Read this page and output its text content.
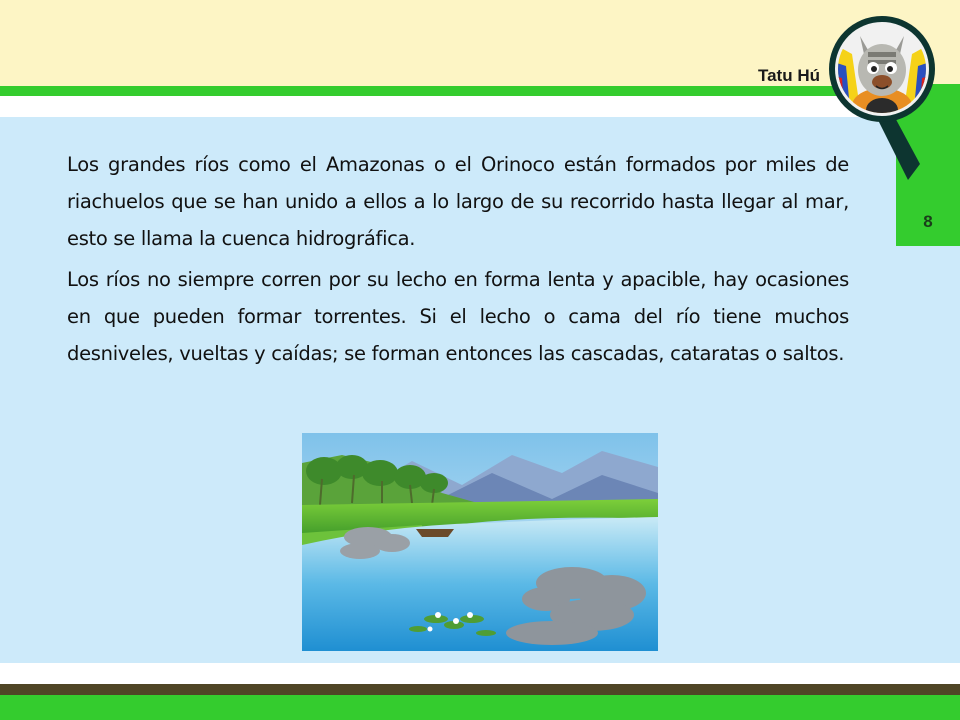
8
Tatu Hú

Los grandes ríos como el Amazonas o el Orinoco están formados por miles de riachuelos que se han unido a ellos a lo largo de su recorrido hasta llegar al mar, esto se llama la cuenca hidrográfica.

Los ríos no siempre corren por su lecho en forma lenta y apacible, hay ocasiones en que pueden formar torrentes. Si el lecho o cama del río tiene muchos desniveles, vueltas y caídas; se forman entonces las cascadas, cataratas o saltos.
